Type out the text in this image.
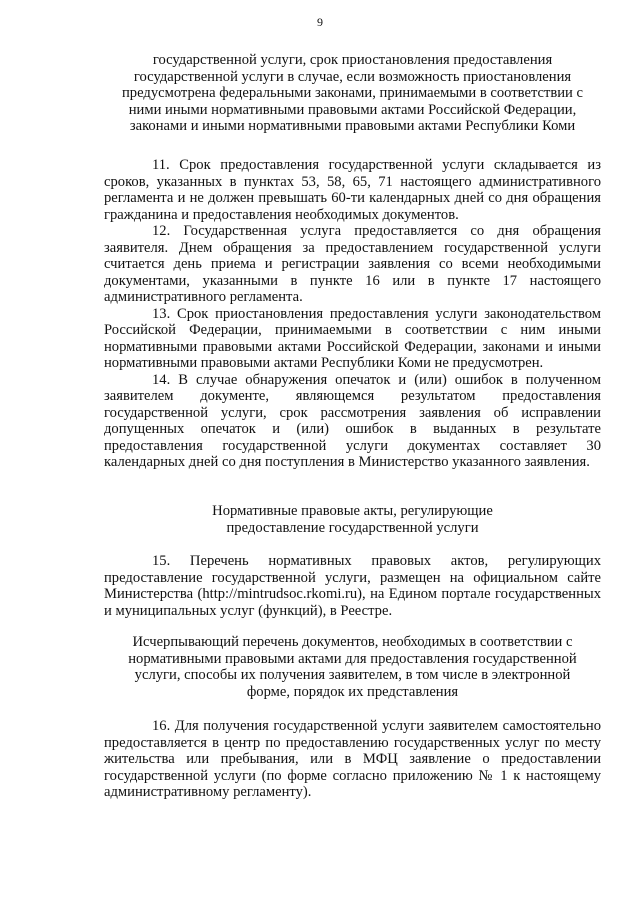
9

государственной услуги, срок приостановления предоставления государственной услуги в случае, если возможность приостановления предусмотрена федеральными законами, принимаемыми в соответствии с ними иными нормативными правовыми актами Российской Федерации, законами и иными нормативными правовыми актами Республики Коми

11. Срок предоставления государственной услуги складывается из сроков, указанных в пунктах 53, 58, 65, 71 настоящего административного регламента и не должен превышать 60-ти календарных дней со дня обращения гражданина и предоставления необходимых документов.

12. Государственная услуга предоставляется со дня обращения заявителя. Днем обращения за предоставлением государственной услуги считается день приема и регистрации заявления со всеми необходимыми документами, указанными в пункте 16 или в пункте 17 настоящего административного регламента.

13. Срок приостановления предоставления услуги законодательством Российской Федерации, принимаемыми в соответствии с ним иными нормативными правовыми актами Российской Федерации, законами и иными нормативными правовыми актами Республики Коми не предусмотрен.

14. В случае обнаружения опечаток и (или) ошибок в полученном заявителем документе, являющемся результатом предоставления государственной услуги, срок рассмотрения заявления об исправлении допущенных опечаток и (или) ошибок в выданных в результате предоставления государственной услуги документах составляет 30 календарных дней со дня поступления в Министерство указанного заявления.

Нормативные правовые акты, регулирующие предоставление государственной услуги

15. Перечень нормативных правовых актов, регулирующих предоставление государственной услуги, размещен на официальном сайте Министерства (http://mintrudsoc.rkomi.ru), на Едином портале государственных и муниципальных услуг (функций), в Реестре.

Исчерпывающий перечень документов, необходимых в соответствии с нормативными правовыми актами для предоставления государственной услуги, способы их получения заявителем, в том числе в электронной форме, порядок их представления

16. Для получения государственной услуги заявителем самостоятельно предоставляется в центр по предоставлению государственных услуг по месту жительства или пребывания, или в МФЦ заявление о предоставлении государственной услуги (по форме согласно приложению № 1 к настоящему административному регламенту).
